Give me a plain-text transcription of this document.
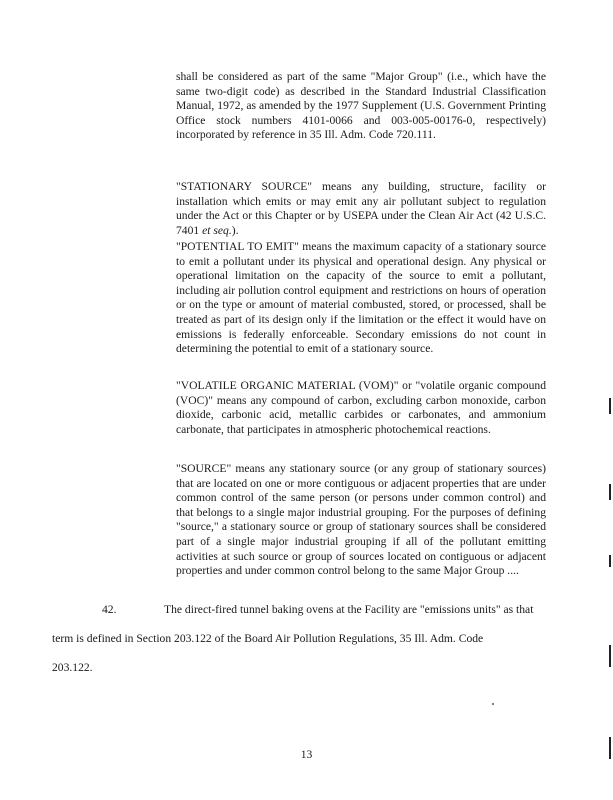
shall be considered as part of the same "Major Group" (i.e., which have the same two-digit code) as described in the Standard Industrial Classification Manual, 1972, as amended by the 1977 Supplement (U.S. Government Printing Office stock numbers 4101-0066 and 003-005-00176-0, respectively) incorporated by reference in 35 Ill. Adm. Code 720.111.

"STATIONARY SOURCE" means any building, structure, facility or installation which emits or may emit any air pollutant subject to regulation under the Act or this Chapter or by USEPA under the Clean Air Act (42 U.S.C. 7401 et seq.).

"POTENTIAL TO EMIT" means the maximum capacity of a stationary source to emit a pollutant under its physical and operational design. Any physical or operational limitation on the capacity of the source to emit a pollutant, including air pollution control equipment and restrictions on hours of operation or on the type or amount of material combusted, stored, or processed, shall be treated as part of its design only if the limitation or the effect it would have on emissions is federally enforceable. Secondary emissions do not count in determining the potential to emit of a stationary source.

"VOLATILE ORGANIC MATERIAL (VOM)" or "volatile organic compound (VOC)" means any compound of carbon, excluding carbon monoxide, carbon dioxide, carbonic acid, metallic carbides or carbonates, and ammonium carbonate, that participates in atmospheric photochemical reactions.

"SOURCE" means any stationary source (or any group of stationary sources) that are located on one or more contiguous or adjacent properties that are under common control of the same person (or persons under common control) and that belongs to a single major industrial grouping. For the purposes of defining "source," a stationary source or group of stationary sources shall be considered part of a single major industrial grouping if all of the pollutant emitting activities at such source or group of sources located on contiguous or adjacent properties and under common control belong to the same Major Group ....

42.	The direct-fired tunnel baking ovens at the Facility are "emissions units" as that
term is defined in Section 203.122 of the Board Air Pollution Regulations, 35 Ill. Adm. Code
203.122.

13
